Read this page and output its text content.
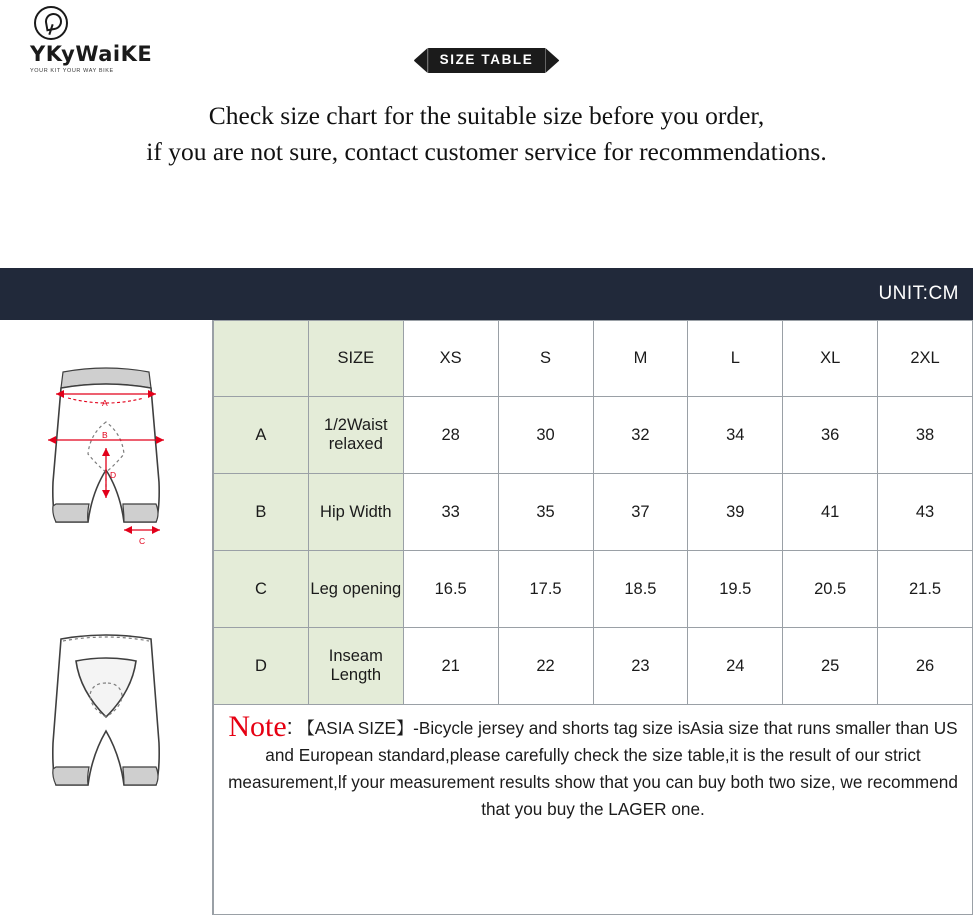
YKyWaiKE
YOUR KIT YOUR WAY BIKE
SIZE TABLE
Check size chart for the suitable size before you order,
if you are not sure, contact customer service for recommendations.
UNIT:CM
A
B
D
C
	SIZE	XS	S	M	L	XL	2XL
A	1/2Waist relaxed	28	30	32	34	36	38
B	Hip Width	33	35	37	39	41	43
C	Leg opening	16.5	17.5	18.5	19.5	20.5	21.5
D	Inseam Length	21	22	23	24	25	26
Note: 【ASIA SIZE】-Bicycle jersey and shorts tag size isAsia size that runs smaller than US and European standard,please carefully check the size table,it is the result of our strict measurement,lf your measurement results show that you can buy both two size, we recommend that you buy the LAGER one.
